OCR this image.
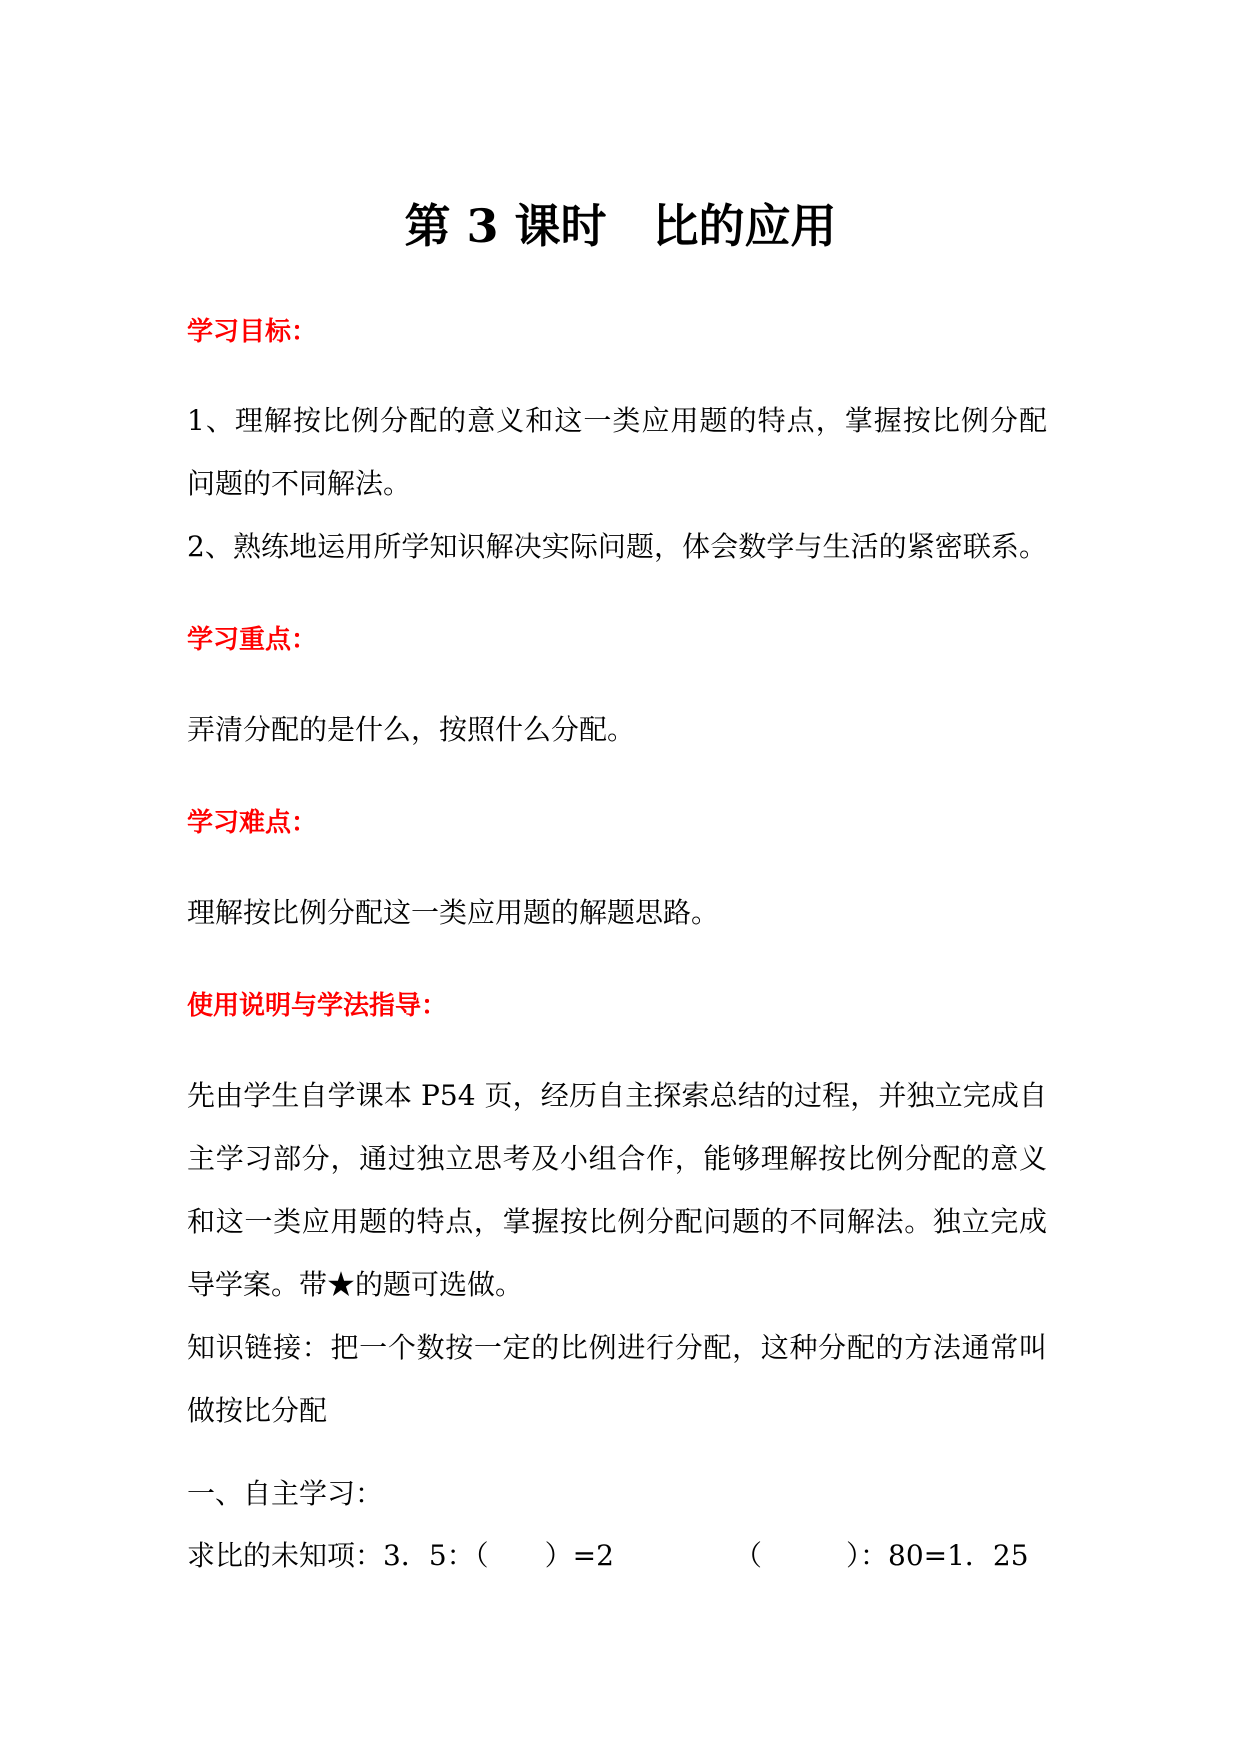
第 3 课时　比的应用
学习目标：
1、理解按比例分配的意义和这一类应用题的特点，掌握按比例分配
问题的不同解法。
2、熟练地运用所学知识解决实际问题，体会数学与生活的紧密联系。
学习重点：
弄清分配的是什么，按照什么分配。
学习难点：
理解按比例分配这一类应用题的解题思路。
使用说明与学法指导：
先由学生自学课本 P54 页，经历自主探索总结的过程，并独立完成自
主学习部分，通过独立思考及小组合作，能够理解按比例分配的意义
和这一类应用题的特点，掌握按比例分配问题的不同解法。独立完成
导学案。带★的题可选做。
知识链接：把一个数按一定的比例进行分配，这种分配的方法通常叫
做按比分配
一、自主学习：
求比的未知项：3．5：（　　）=2	（　　　）：80=1．25
